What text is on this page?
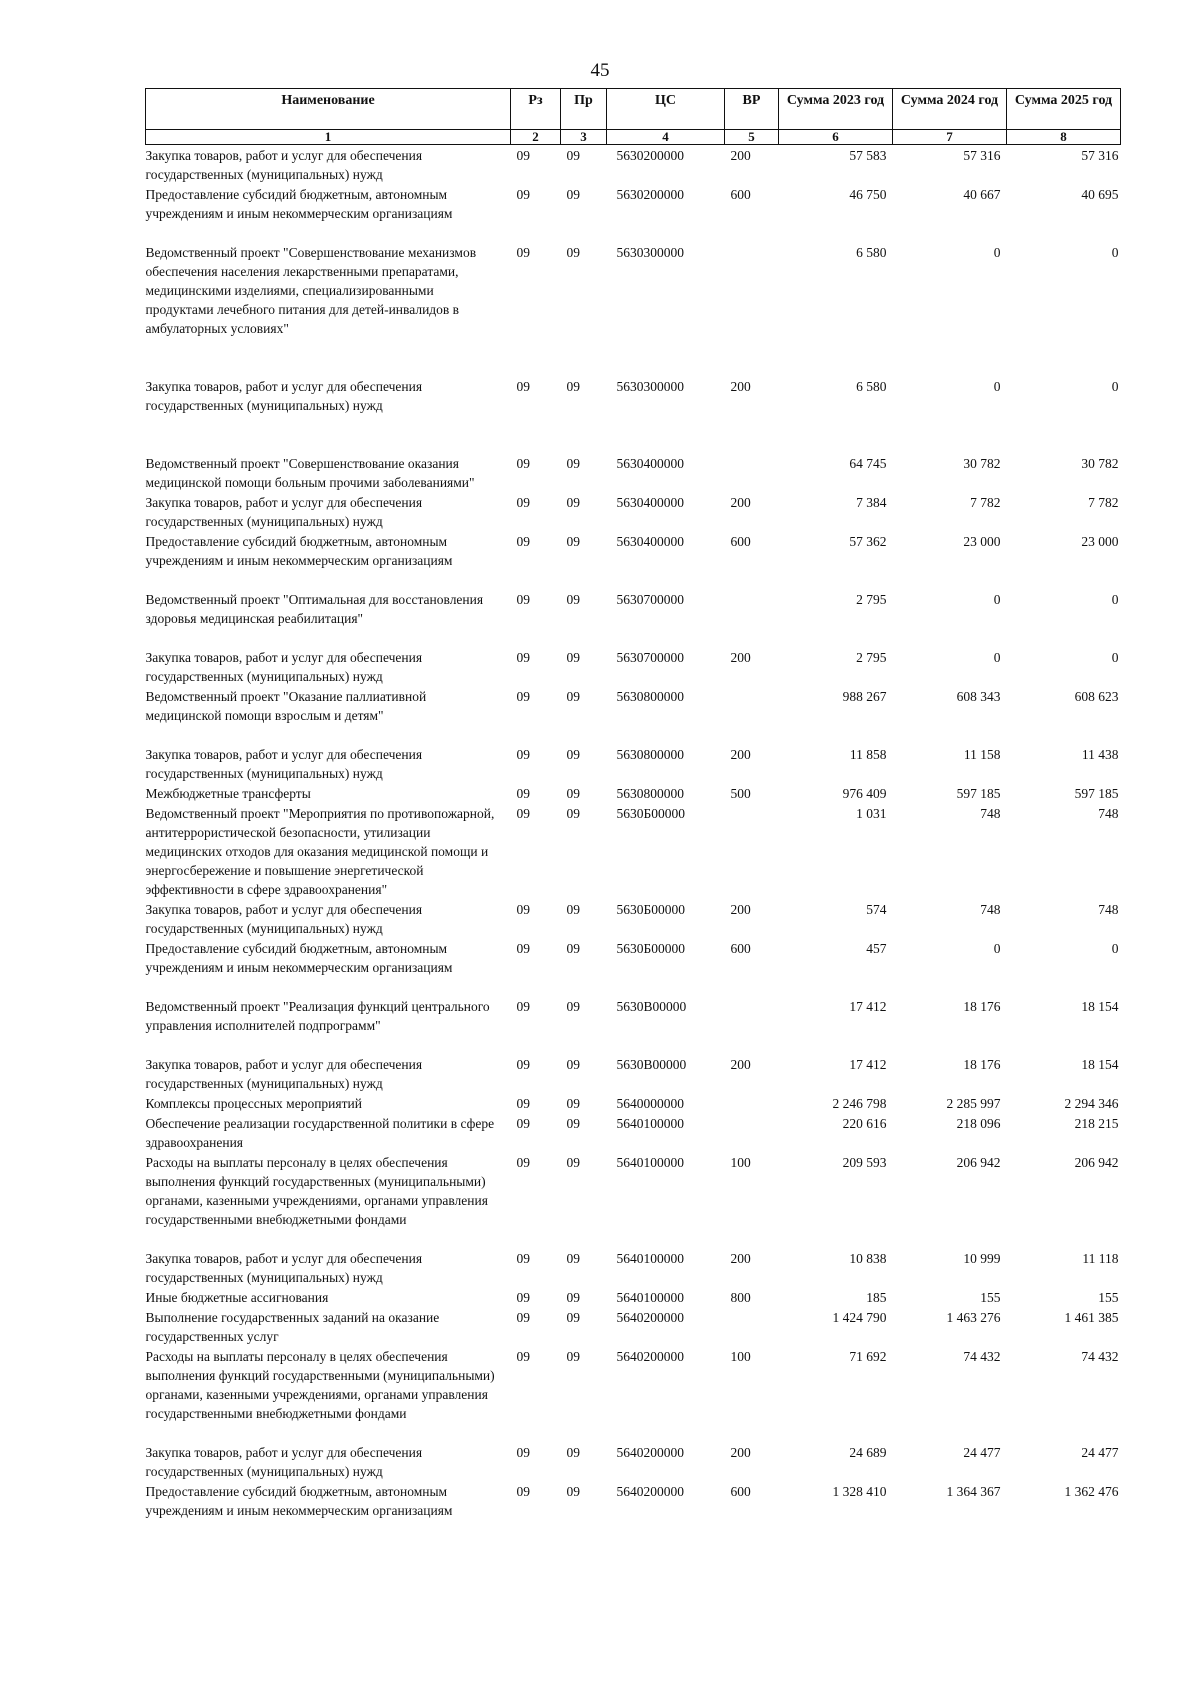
45
Наименование	Рз	Пр	ЦС	ВР	Сумма 2023 год	Сумма 2024 год	Сумма 2025 год
1	2	3	4	5	6	7	8
Закупка товаров, работ и услуг для обеспечения государственных (муниципальных) нужд	09	09	5630200000	200	57 583	57 316	57 316
Предоставление субсидий бюджетным, автономным учреждениям и иным некоммерческим организациям	09	09	5630200000	600	46 750	40 667	40 695
Ведомственный проект "Совершенствование механизмов обеспечения населения лекарственными препаратами, медицинскими изделиями, специализированными продуктами лечебного питания для детей-инвалидов в амбулаторных условиях"	09	09	5630300000		6 580	0	0
Закупка товаров, работ и услуг для обеспечения государственных (муниципальных) нужд	09	09	5630300000	200	6 580	0	0
Ведомственный проект "Совершенствование оказания медицинской помощи больным прочими заболеваниями"	09	09	5630400000		64 745	30 782	30 782
Закупка товаров, работ и услуг для обеспечения государственных (муниципальных) нужд	09	09	5630400000	200	7 384	7 782	7 782
Предоставление субсидий бюджетным, автономным учреждениям и иным некоммерческим организациям	09	09	5630400000	600	57 362	23 000	23 000
Ведомственный проект "Оптимальная для восстановления здоровья медицинская реабилитация"	09	09	5630700000		2 795	0	0
Закупка товаров, работ и услуг для обеспечения государственных (муниципальных) нужд	09	09	5630700000	200	2 795	0	0
Ведомственный проект "Оказание паллиативной медицинской помощи взрослым и детям"	09	09	5630800000		988 267	608 343	608 623
Закупка товаров, работ и услуг для обеспечения государственных (муниципальных) нужд	09	09	5630800000	200	11 858	11 158	11 438
Межбюджетные трансферты	09	09	5630800000	500	976 409	597 185	597 185
Ведомственный проект "Мероприятия по противопожарной, антитеррористической безопасности, утилизации медицинских отходов для оказания медицинской помощи и энергосбережение и повышение энергетической эффективности в сфере здравоохранения"	09	09	5630Б00000		1 031	748	748
Закупка товаров, работ и услуг для обеспечения государственных (муниципальных) нужд	09	09	5630Б00000	200	574	748	748
Предоставление субсидий бюджетным, автономным учреждениям и иным некоммерческим организациям	09	09	5630Б00000	600	457	0	0
Ведомственный проект "Реализация функций центрального управления исполнителей подпрограмм"	09	09	5630В00000		17 412	18 176	18 154
Закупка товаров, работ и услуг для обеспечения государственных (муниципальных) нужд	09	09	5630В00000	200	17 412	18 176	18 154
Комплексы процессных мероприятий	09	09	5640000000		2 246 798	2 285 997	2 294 346
Обеспечение реализации государственной политики в сфере здравоохранения	09	09	5640100000		220 616	218 096	218 215
Расходы на выплаты персоналу в целях обеспечения выполнения функций государственных (муниципальными) органами, казенными учреждениями, органами управления государственными внебюджетными фондами	09	09	5640100000	100	209 593	206 942	206 942
Закупка товаров, работ и услуг для обеспечения государственных (муниципальных) нужд	09	09	5640100000	200	10 838	10 999	11 118
Иные бюджетные ассигнования	09	09	5640100000	800	185	155	155
Выполнение государственных заданий на оказание государственных услуг	09	09	5640200000		1 424 790	1 463 276	1 461 385
Расходы на выплаты персоналу в целях обеспечения выполнения функций государственными (муниципальными) органами, казенными учреждениями, органами управления государственными внебюджетными фондами	09	09	5640200000	100	71 692	74 432	74 432
Закупка товаров, работ и услуг для обеспечения государственных (муниципальных) нужд	09	09	5640200000	200	24 689	24 477	24 477
Предоставление субсидий бюджетным, автономным учреждениям и иным некоммерческим организациям	09	09	5640200000	600	1 328 410	1 364 367	1 362 476
